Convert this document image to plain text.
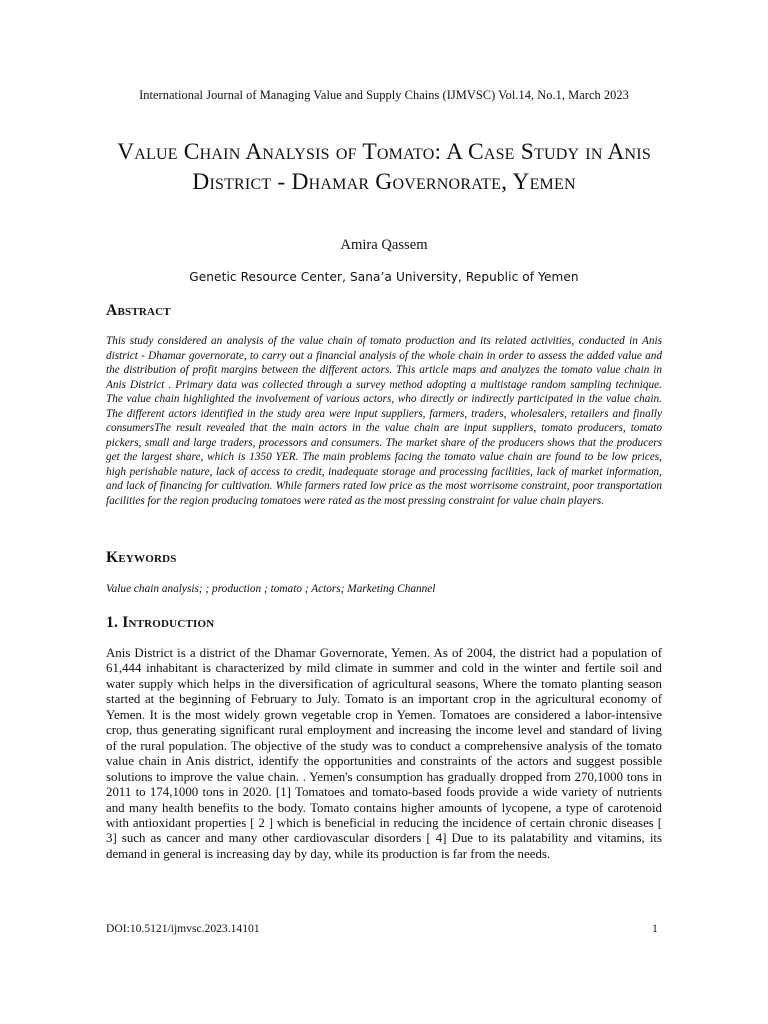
International Journal of Managing Value and Supply Chains (IJMVSC) Vol.14, No.1, March 2023
Value Chain Analysis of Tomato: A Case Study in Anis District - Dhamar Governorate, Yemen
Amira Qassem
Genetic Resource Center, Sana’a University, Republic of Yemen
Abstract
This study considered an analysis of the value chain of tomato production and its related activities, conducted in Anis district - Dhamar governorate, to carry out a financial analysis of the whole chain in order to assess the added value and the distribution of profit margins between the different actors. This article maps and analyzes the tomato value chain in Anis District . Primary data was collected through a survey method adopting a multistage random sampling technique. The value chain highlighted the involvement of various actors, who directly or indirectly participated in the value chain. The different actors identified in the study area were input suppliers, farmers, traders, wholesalers, retailers and finally consumersThe result revealed that the main actors in the value chain are input suppliers, tomato producers, tomato pickers, small and large traders, processors and consumers. The market share of the producers shows that the producers get the largest share, which is 1350 YER. The main problems facing the tomato value chain are found to be low prices, high perishable nature, lack of access to credit, inadequate storage and processing facilities, lack of market information, and lack of financing for cultivation. While farmers rated low price as the most worrisome constraint, poor transportation facilities for the region producing tomatoes were rated as the most pressing constraint for value chain players.
Keywords
Value chain analysis; ; production ; tomato ; Actors; Marketing Channel
1. Introduction
Anis District is a district of the Dhamar Governorate, Yemen. As of 2004, the district had a population of 61,444 inhabitant is characterized by mild climate in summer and cold in the winter and fertile soil and water supply which helps in the diversification of agricultural seasons, Where the tomato planting season started at the beginning of February to July. Tomato is an important crop in the agricultural economy of Yemen. It is the most widely grown vegetable crop in Yemen. Tomatoes are considered a labor-intensive crop, thus generating significant rural employment and increasing the income level and standard of living of the rural population. The objective of the study was to conduct a comprehensive analysis of the tomato value chain in Anis district, identify the opportunities and constraints of the actors and suggest possible solutions to improve the value chain. . Yemen's consumption has gradually dropped from 270,1000 tons in 2011 to 174,1000 tons in 2020. [1] Tomatoes and tomato-based foods provide a wide variety of nutrients and many health benefits to the body. Tomato contains higher amounts of lycopene, a type of carotenoid with antioxidant properties [ 2 ] which is beneficial in reducing the incidence of certain chronic diseases [ 3] such as cancer and many other cardiovascular disorders [ 4] Due to its palatability and vitamins, its demand in general is increasing day by day, while its production is far from the needs.
DOI:10.5121/ijmvsc.2023.14101	1
